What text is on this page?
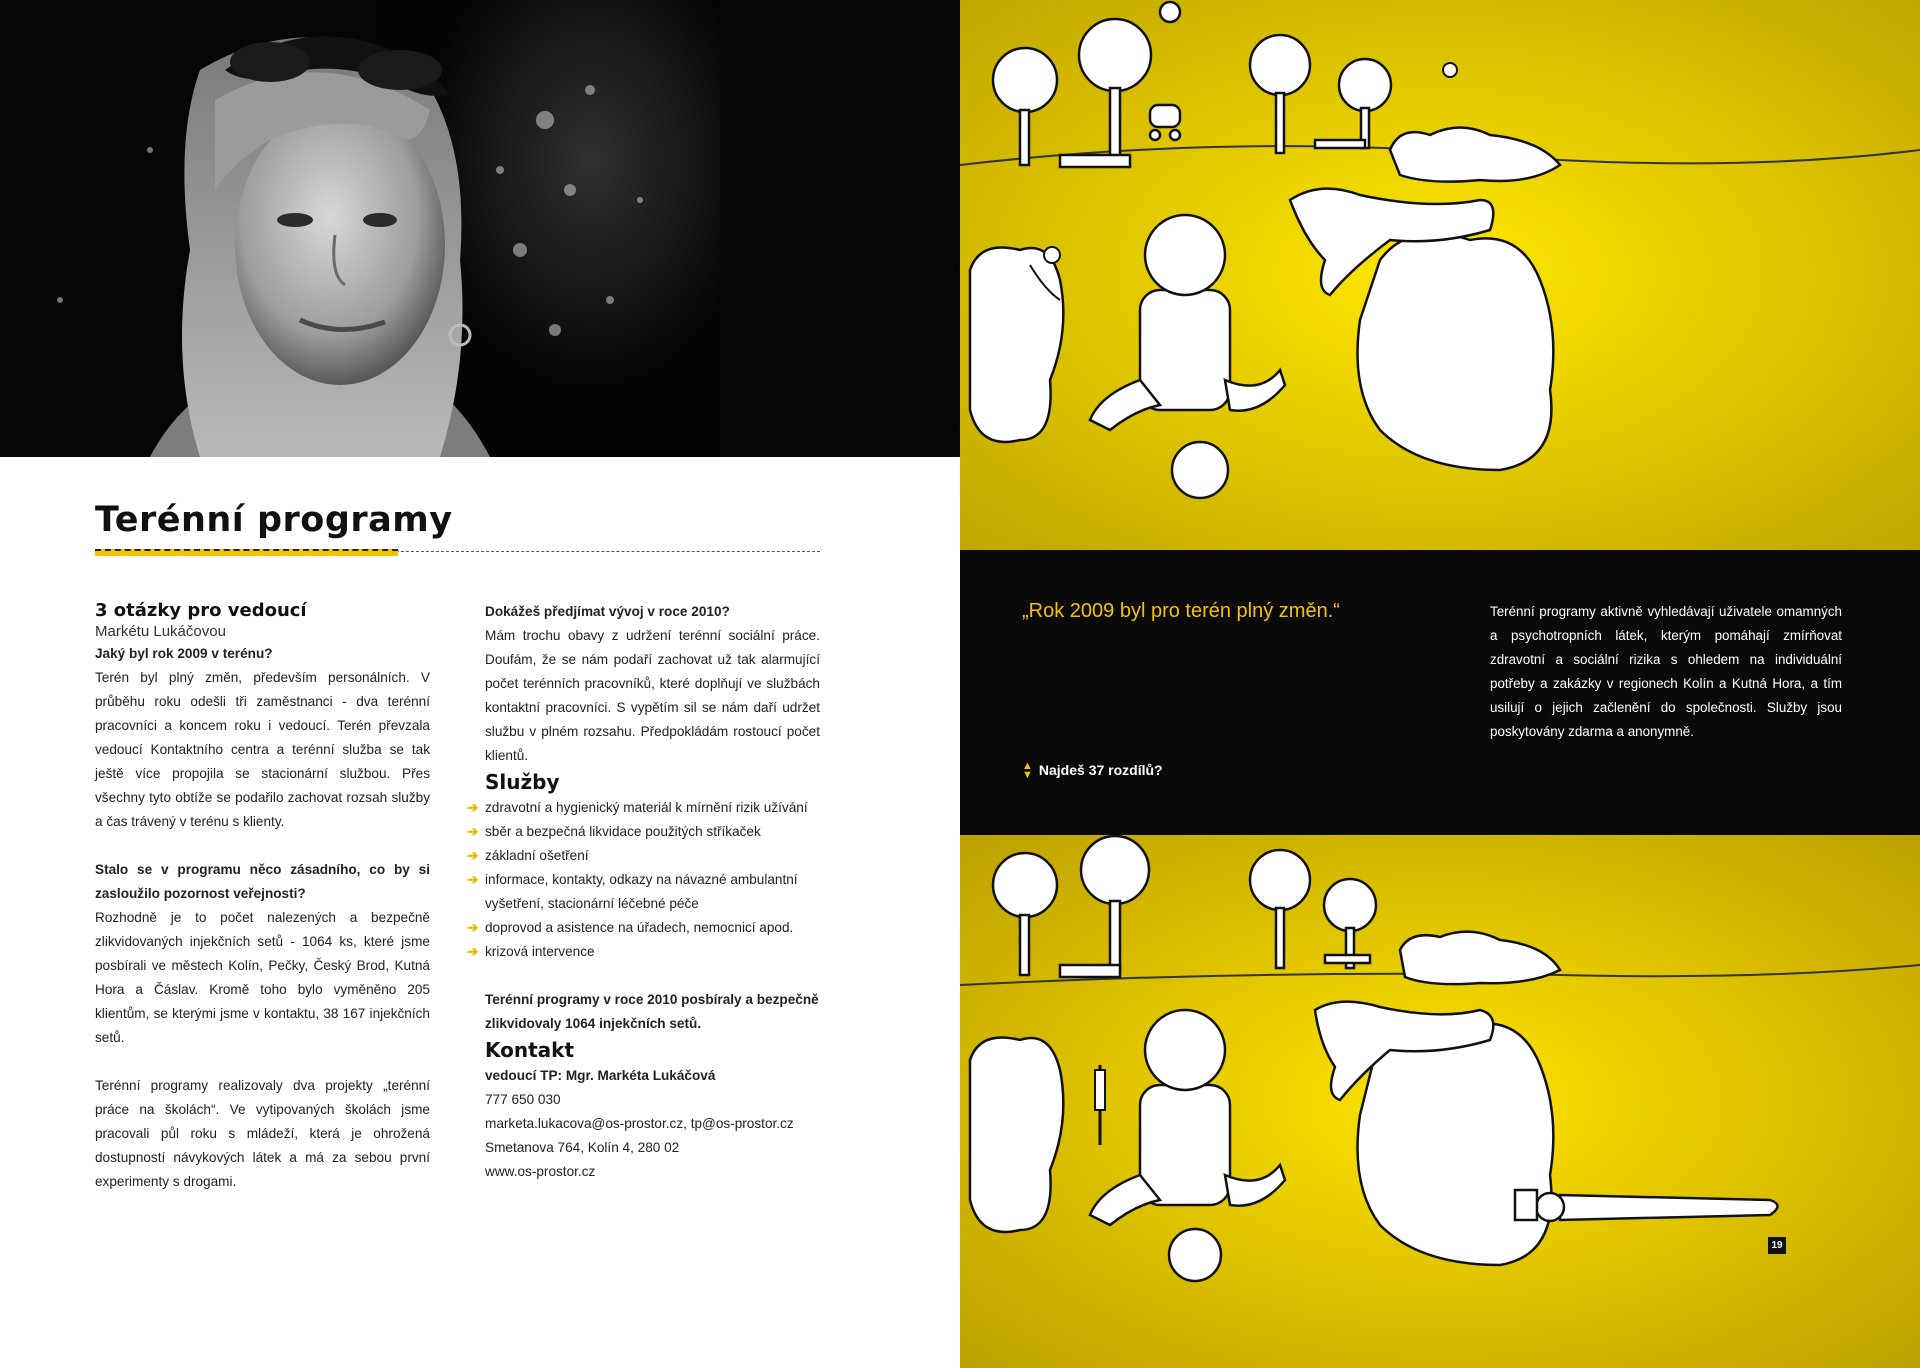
Terénní programy

3 otázky pro vedoucí

Markétu Lukáčovou

Jaký byl rok 2009 v terénu?

Terén byl plný změn, především personálních. V průběhu roku odešli tři zaměstnanci - dva terénní pracovníci a koncem roku i vedoucí. Terén převzala vedoucí Kontaktního centra a terénní služba se tak ještě více propojila se stacionární službou. Přes všechny tyto obtíže se podařilo zachovat rozsah služby a čas trávený v terénu s klienty.

Stalo se v programu něco zásadního, co by si zasloužilo pozornost veřejnosti?

Rozhodně je to počet nalezených a bezpečně zlikvidovaných injekčních setů - 1064 ks, které jsme posbírali ve městech Kolín, Pečky, Český Brod, Kutná Hora a Čáslav. Kromě toho bylo vyměněno 205 klientům, se kterými jsme v kontaktu, 38 167 injekčních setů.

Terénní programy realizovaly dva projekty „terénní práce na školách“. Ve vytipovaných školách jsme pracovali půl roku s mládeží, která je ohrožená dostupností návykových látek a má za sebou první experimenty s drogami.

Dokážeš předjímat vývoj v roce 2010?

Mám trochu obavy z udržení terénní sociální práce. Doufám, že se nám podaří zachovat už tak alarmující počet terénních pracovníků, které doplňují ve službách kontaktní pracovníci. S vypětím sil se nám daří udržet službu v plném rozsahu. Předpokládám rostoucí počet klientů.

Služby

➔ zdravotní a hygienický materiál k mírnění rizik užívání
➔ sběr a bezpečná likvidace použitých stříkaček
➔ základní ošetření
➔ informace, kontakty, odkazy na návazné ambulantní vyšetření, stacionární léčebné péče
➔ doprovod a asistence na úřadech, nemocnicí apod.
➔ krizová intervence

Terénní programy v roce 2010 posbíraly a bezpečně zlikvidovaly 1064 injekčních setů.

Kontakt

vedoucí TP: Mgr. Markéta Lukáčová

777 650 030

marketa.lukacova@os-prostor.cz, tp@os-prostor.cz

Smetanova 764, Kolín 4, 280 02

www.os-prostor.cz

„Rok 2009 byl pro terén plný změn.“
▲
▼ Najdeš 37 rozdílů?
Terénní programy aktivně vyhledávají uživatele omamných a psychotropních látek, kterým pomáhají zmírňovat zdravotní a sociální rizika s ohledem na individuální potřeby a zakázky v regionech Kolín a Kutná Hora, a tím usilují o jejich začlenění do společnosti. Služby jsou poskytovány zdarma a anonymně.
19
